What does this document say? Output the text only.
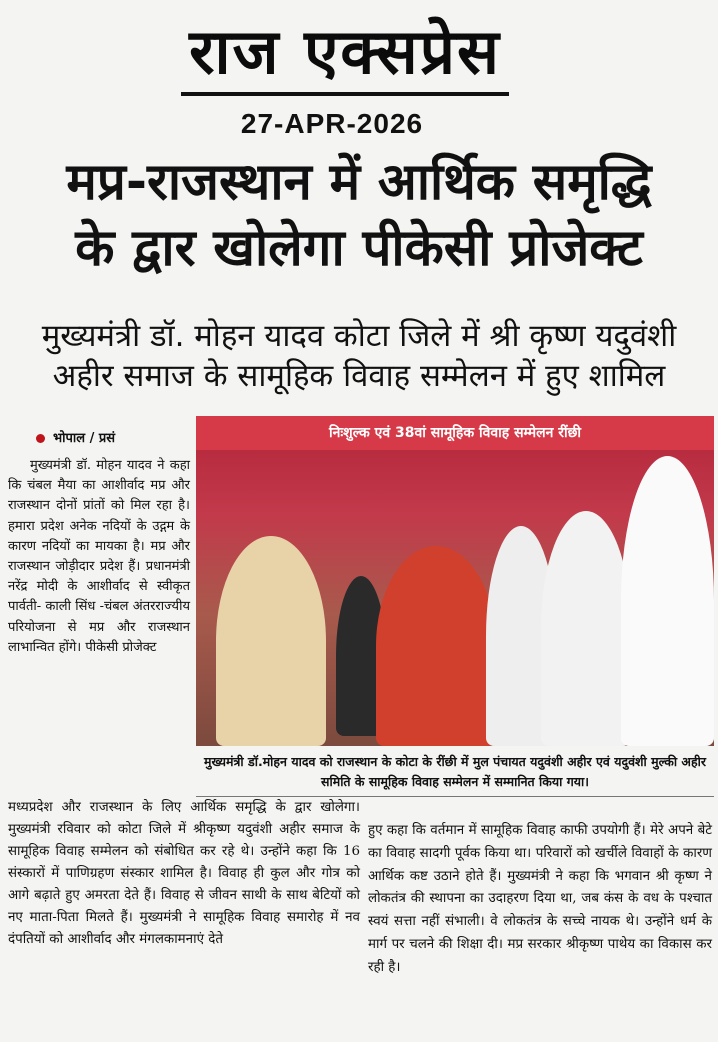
राज एक्सप्रेस
27-APR-2026
मप्र-राजस्थान में आर्थिक समृद्धि
के द्वार खोलेगा पीकेसी प्रोजेक्ट
मुख्यमंत्री डॉ. मोहन यादव कोटा जिले में श्री कृष्ण यदुवंशी
अहीर समाज के सामूहिक विवाह सम्मेलन में हुए शामिल
भोपाल / प्रसं

मुख्यमंत्री डॉ. मोहन यादव ने कहा कि चंबल मैया का आशीर्वाद मप्र और राजस्थान दोनों प्रांतों को मिल रहा है। हमारा प्रदेश अनेक नदियों के उद्गम के कारण नदियों का मायका है। मप्र और राजस्थान जोड़ीदार प्रदेश हैं। प्रधानमंत्री नरेंद्र मोदी के आशीर्वाद से स्वीकृत पार्वती- काली सिंध -चंबल अंतरराज्यीय परियोजना से मप्र और राजस्थान लाभान्वित होंगे। पीकेसी प्रोजेक्ट

निःशुल्क एवं 38वां सामूहिक विवाह सम्मेलन रींछी
मुख्यमंत्री डॉ.मोहन यादव को राजस्थान के कोटा के रींछी में मुल पंचायत यदुवंशी अहीर एवं यदुवंशी मुल्की अहीर समिति के सामूहिक विवाह सम्मेलन में सम्मानित किया गया।

मध्यप्रदेश और राजस्थान के लिए आर्थिक समृद्धि के द्वार खोलेगा। मुख्यमंत्री रविवार को कोटा जिले में श्रीकृष्ण यदुवंशी अहीर समाज के सामूहिक विवाह सम्मेलन को संबोधित कर रहे थे। उन्होंने कहा कि 16 संस्कारों में पाणिग्रहण संस्कार शामिल है। विवाह ही कुल और गोत्र को आगे बढ़ाते हुए अमरता देते हैं। विवाह से जीवन साथी के साथ बेटियों को नए माता-पिता मिलते हैं। मुख्यमंत्री ने सामूहिक विवाह समारोह में नव दंपतियों को आशीर्वाद और मंगलकामनाएं देते

हुए कहा कि वर्तमान में सामूहिक विवाह काफी उपयोगी हैं। मेरे अपने बेटे का विवाह सादगी पूर्वक किया था। परिवारों को खर्चीले विवाहों के कारण आर्थिक कष्ट उठाने होते हैं। मुख्यमंत्री ने कहा कि भगवान श्री कृष्ण ने लोकतंत्र की स्थापना का उदाहरण दिया था, जब कंस के वध के पश्चात स्वयं सत्ता नहीं संभाली। वे लोकतंत्र के सच्चे नायक थे। उन्होंने धर्म के मार्ग पर चलने की शिक्षा दी। मप्र सरकार श्रीकृष्ण पाथेय का विकास कर रही है।
